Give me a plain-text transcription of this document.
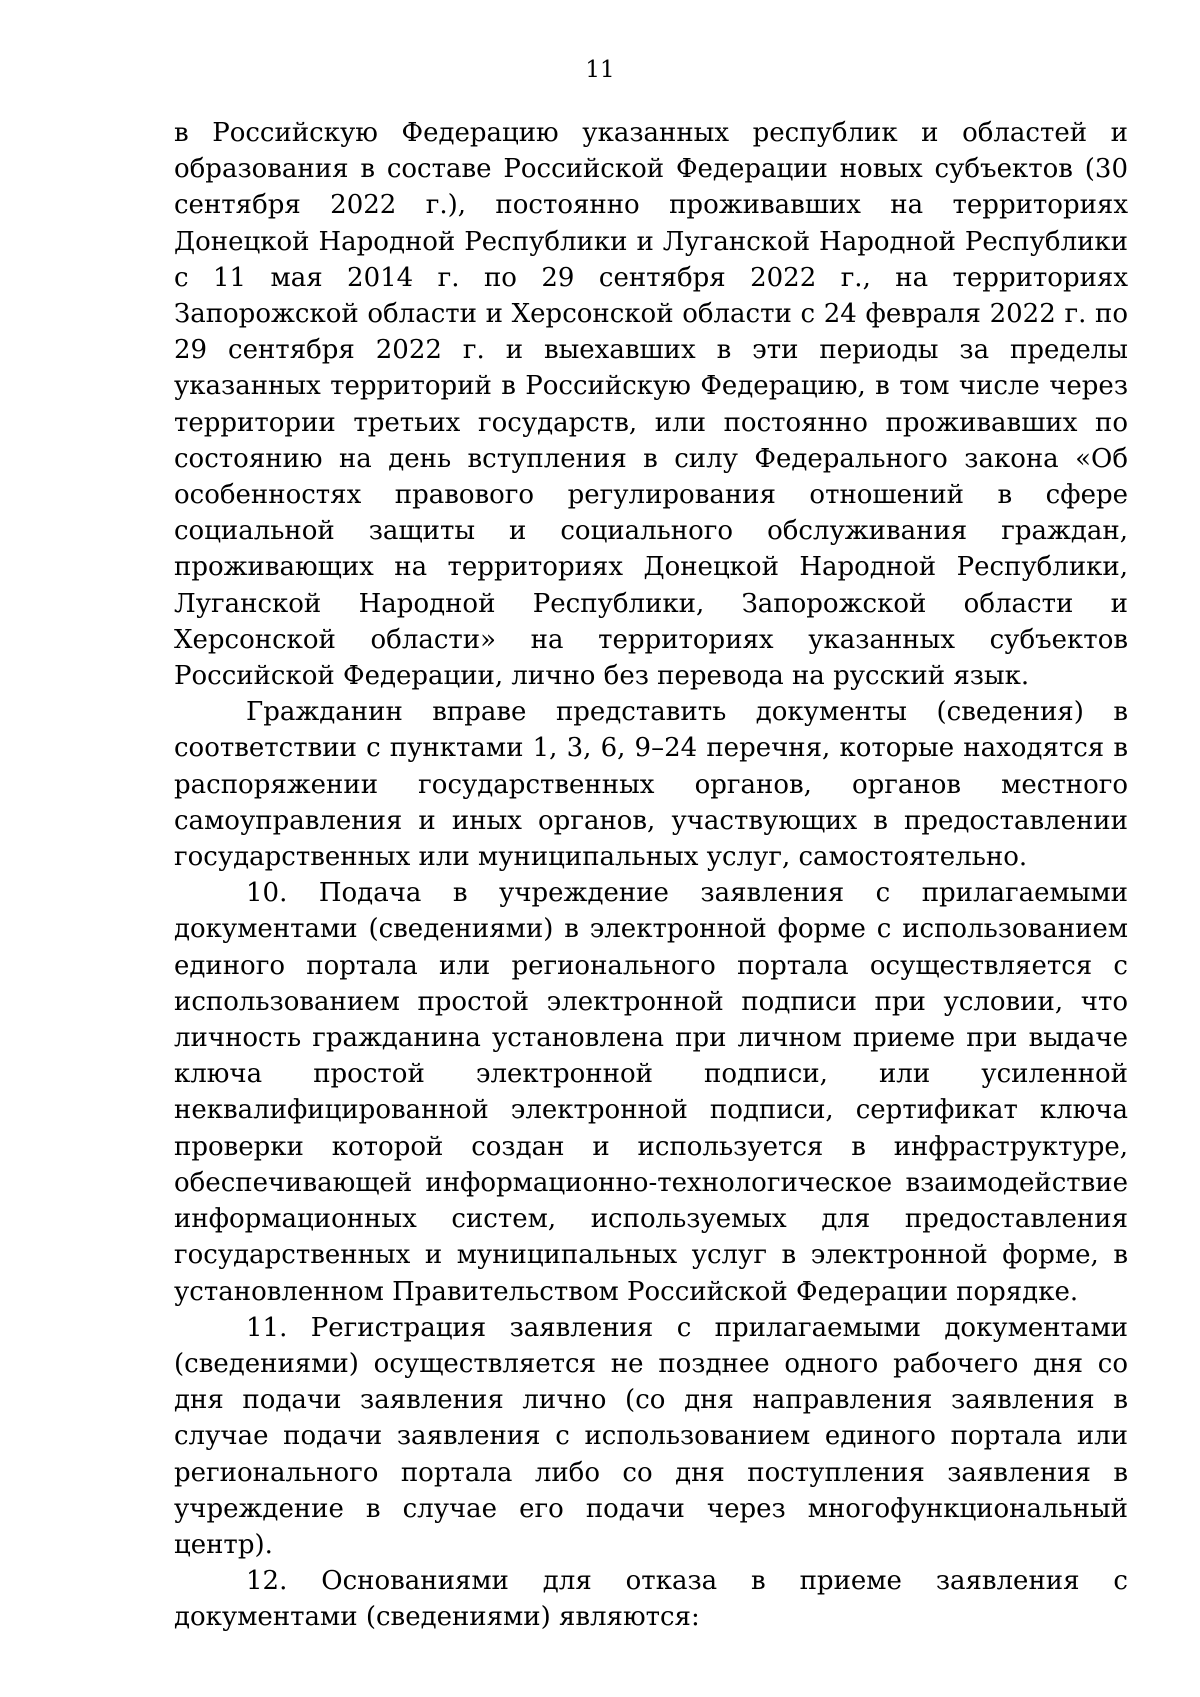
11

в Российскую Федерацию указанных республик и областей и образования в составе Российской Федерации новых субъектов (30 сентября 2022 г.), постоянно проживавших на территориях Донецкой Народной Республики и Луганской Народной Республики с 11 мая 2014 г. по 29 сентября 2022 г., на территориях Запорожской области и Херсонской области с 24 февраля 2022 г. по 29 сентября 2022 г. и выехавших в эти периоды за пределы указанных территорий в Российскую Федерацию, в том числе через территории третьих государств, или постоянно проживавших по состоянию на день вступления в силу Федерального закона «Об особенностях правового регулирования отношений в сфере социальной защиты и социального обслуживания граждан, проживающих на территориях Донецкой Народной Республики, Луганской Народной Республики, Запорожской области и Херсонской области» на территориях указанных субъектов Российской Федерации, лично без перевода на русский язык.

Гражданин вправе представить документы (сведения) в соответствии с пунктами 1, 3, 6, 9–24 перечня, которые находятся в распоряжении государственных органов, органов местного самоуправления и иных органов, участвующих в предоставлении государственных или муниципальных услуг, самостоятельно.

10. Подача в учреждение заявления с прилагаемыми документами (сведениями) в электронной форме с использованием единого портала или регионального портала осуществляется с использованием простой электронной подписи при условии, что личность гражданина установлена при личном приеме при выдаче ключа простой электронной подписи, или усиленной неквалифицированной электронной подписи, сертификат ключа проверки которой создан и используется в инфраструктуре, обеспечивающей информационно-технологическое взаимодействие информационных систем, используемых для предоставления государственных и муниципальных услуг в электронной форме, в установленном Правительством Российской Федерации порядке.

11. Регистрация заявления с прилагаемыми документами (сведениями) осуществляется не позднее одного рабочего дня со дня подачи заявления лично (со дня направления заявления в случае подачи заявления с использованием единого портала или регионального портала либо со дня поступления заявления в учреждение в случае его подачи через многофункциональный центр).

12. Основаниями для отказа в приеме заявления с документами (сведениями) являются:
